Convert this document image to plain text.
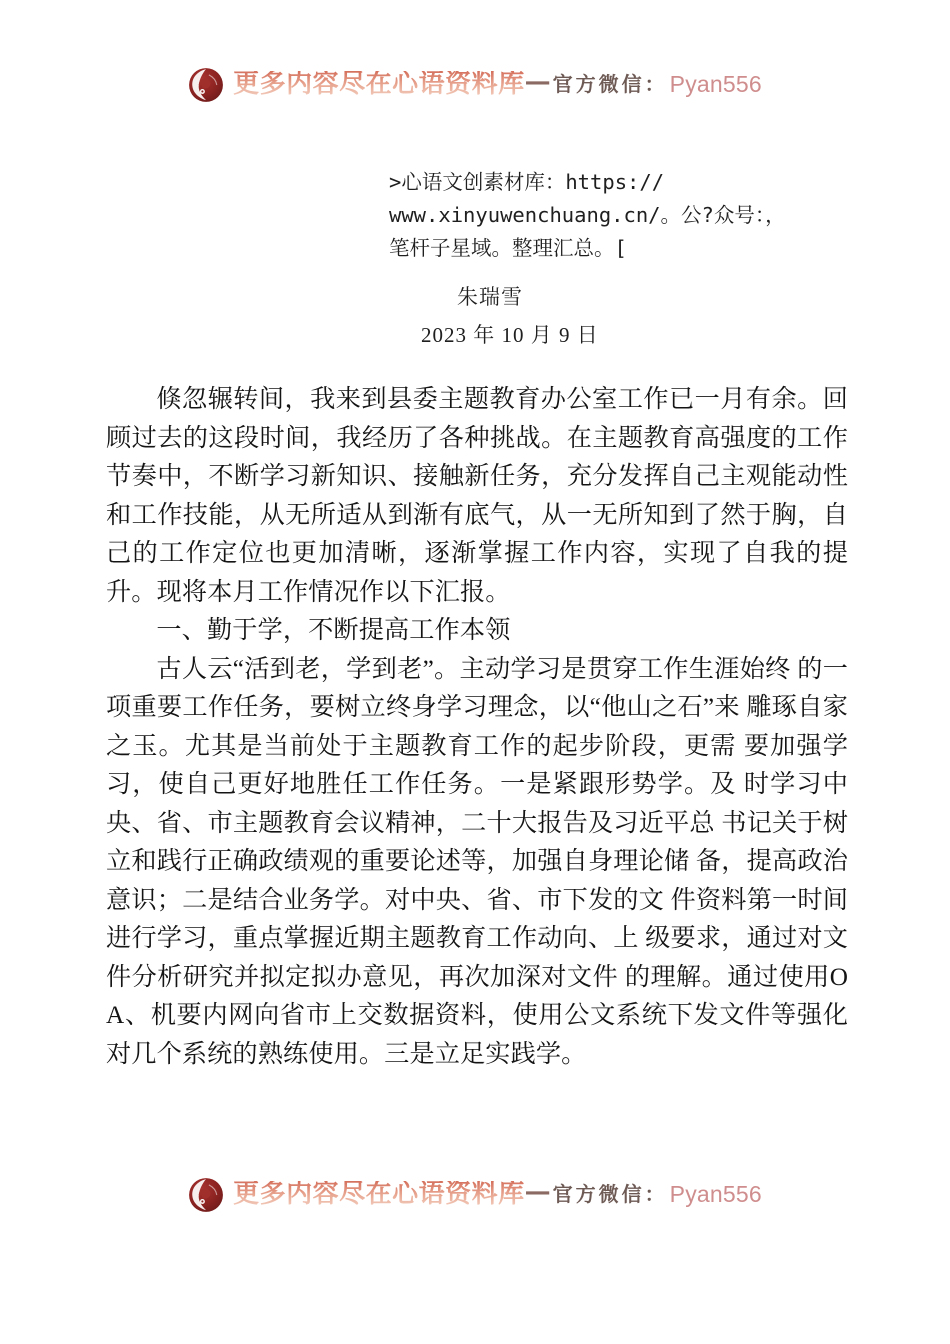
更多内容尽在心语资料库 — 官方微信： Pyan556
>心语文创素材库：https://
www.xinyuwenchuang.cn/。公?众号：，
笔杆子星域。整理汇总。[
朱瑞雪
2023 年 10 月 9 日

倏忽辗转间，我来到县委主题教育办公室工作已一月有余。回顾过去的这段时间，我经历了各种挑战。在主题教育高强度的工作节奏中，不断学习新知识、接触新任务，充分发挥自己主观能动性和工作技能，从无所适从到渐有底气，从一无所知到了然于胸，自己的工作定位也更加清晰，逐渐掌握工作内容，实现了自我的提升。现将本月工作情况作以下汇报。

一、勤于学，不断提高工作本领

古人云“活到老，学到老”。主动学习是贯穿工作生涯始终 的一项重要工作任务，要树立终身学习理念，以“他山之石”来 雕琢自家之玉。尤其是当前处于主题教育工作的起步阶段，更需 要加强学习，使自己更好地胜任工作任务。一是紧跟形势学。及 时学习中央、省、市主题教育会议精神，二十大报告及习近平总 书记关于树立和践行正确政绩观的重要论述等，加强自身理论储 备，提高政治意识；二是结合业务学。对中央、省、市下发的文 件资料第一时间进行学习，重点掌握近期主题教育工作动向、上 级要求，通过对文件分析研究并拟定拟办意见，再次加深对文件 的理解。通过使用OA、机要内网向省市上交数据资料，使用公文系统下发文件等强化对几个系统的熟练使用。三是立足实践学。

更多内容尽在心语资料库 — 官方微信： Pyan556
